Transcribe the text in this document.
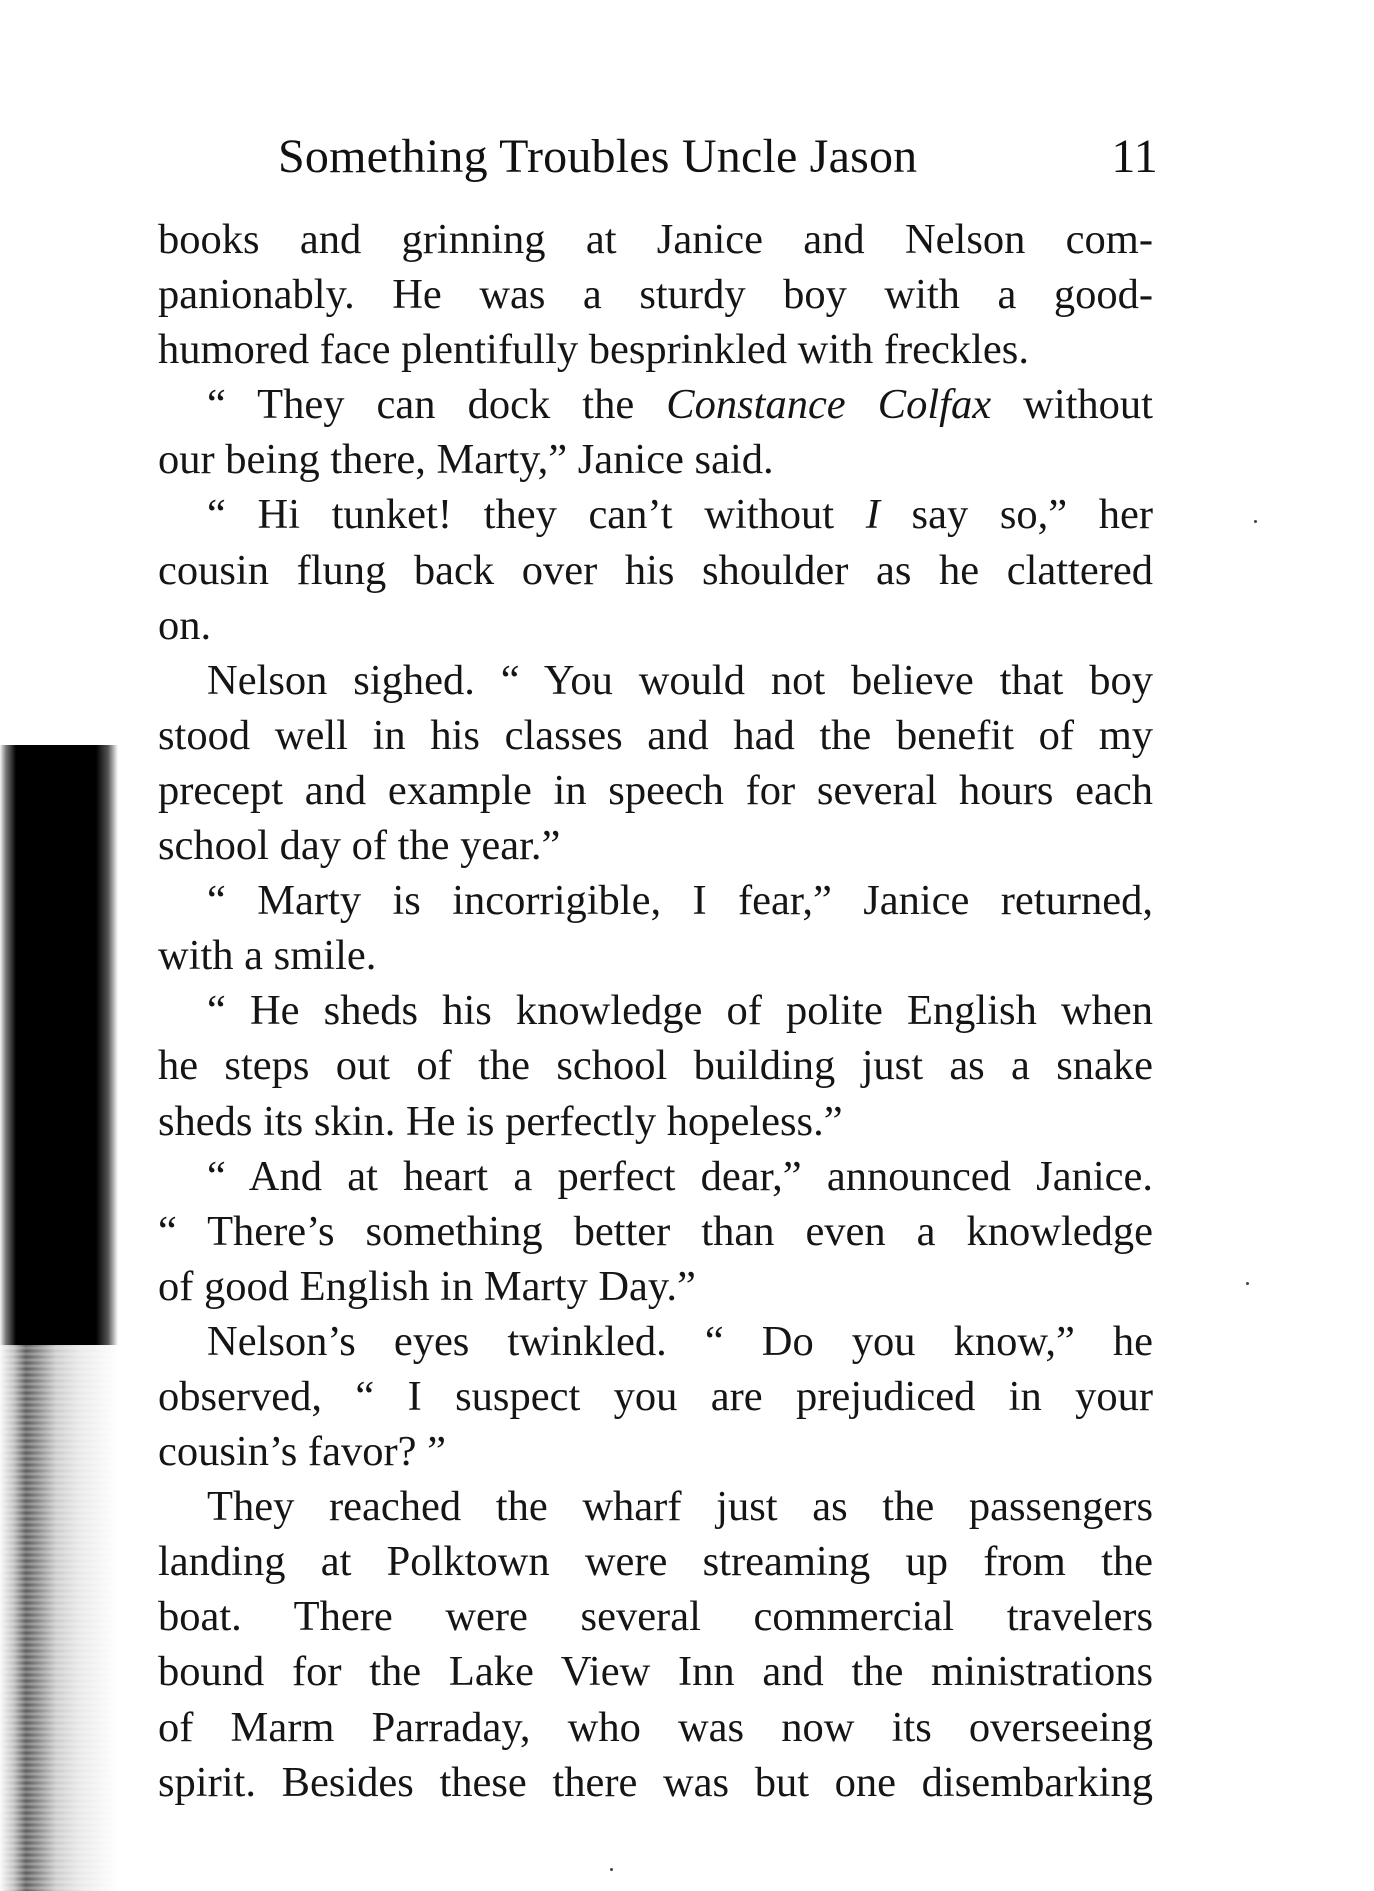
Something Troubles Uncle Jason	11
books and grinning at Janice and Nelson com-
panionably. He was a sturdy boy with a good-
humored face plentifully besprinkled with freckles.
“ They can dock the Constance Colfax without
our being there, Marty,” Janice said.
“ Hi tunket! they can’t without I say so,” her
cousin flung back over his shoulder as he clattered
on.
Nelson sighed. “ You would not believe that boy
stood well in his classes and had the benefit of my
precept and example in speech for several hours each
school day of the year.”
“ Marty is incorrigible, I fear,” Janice returned,
with a smile.
“ He sheds his knowledge of polite English when
he steps out of the school building just as a snake
sheds its skin. He is perfectly hopeless.”
“ And at heart a perfect dear,” announced Janice.
“ There’s something better than even a knowledge
of good English in Marty Day.”
Nelson’s eyes twinkled. “ Do you know,” he
observed, “ I suspect you are prejudiced in your
cousin’s favor? ”
They reached the wharf just as the passengers
landing at Polktown were streaming up from the
boat. There were several commercial travelers
bound for the Lake View Inn and the ministrations
of Marm Parraday, who was now its overseeing
spirit. Besides these there was but one disembarking
